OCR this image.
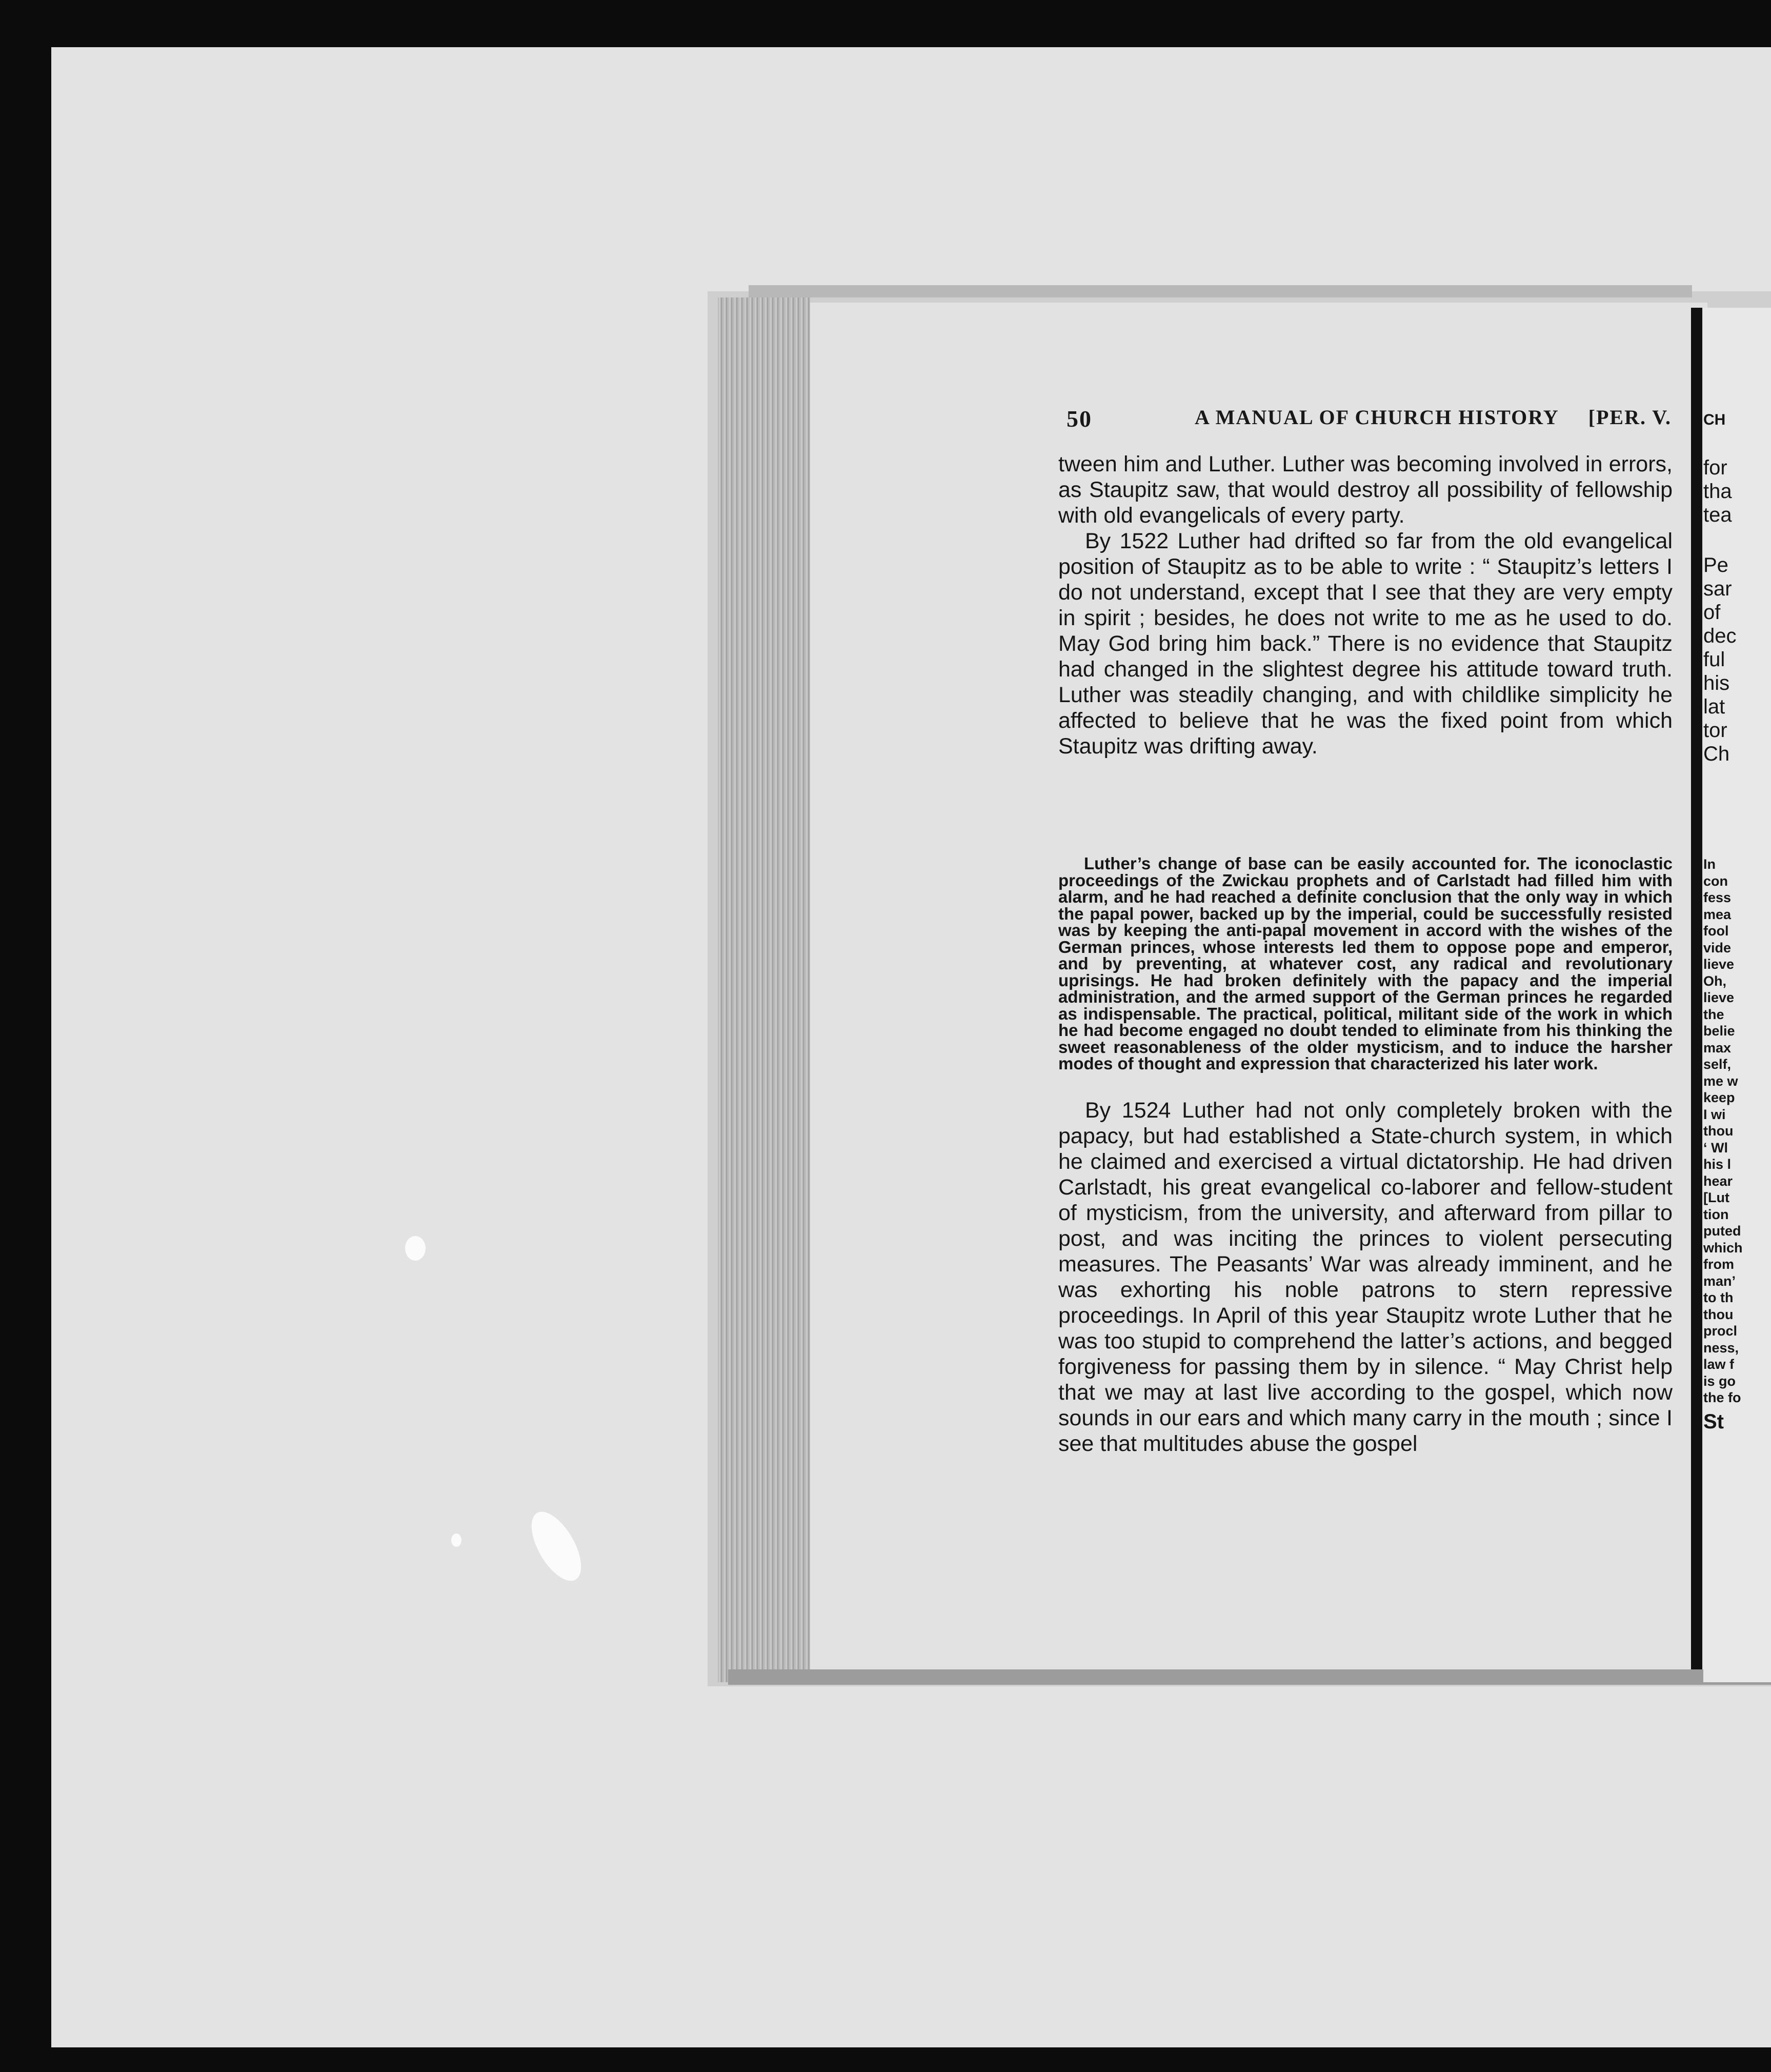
CH
for
tha
tea
Pe
sar
of
dec
ful
his
lat
tor
Ch
In
con
fess
mea
fool
vide
lieve
Oh,
lieve
the
belie
max
self,
me w
keep
I wi
thou
‘ Wl
his l
hear
[Lut
tion
puted
which
from
man’
to th
thou
procl
ness,
law f
is go
the fo
St
50	A MANUAL OF CHURCH HISTORY [PER. V.

tween him and Luther. Luther was becoming involved in errors, as Staupitz saw, that would destroy all possibility of fellowship with old evangelicals of every party.

By 1522 Luther had drifted so far from the old evangelical position of Staupitz as to be able to write : “ Staupitz’s letters I do not understand, except that I see that they are very empty in spirit ; besides, he does not write to me as he used to do. May God bring him back.” There is no evidence that Staupitz had changed in the slightest degree his attitude toward truth. Luther was steadily changing, and with childlike simplicity he affected to believe that he was the fixed point from which Staupitz was drifting away.

Luther’s change of base can be easily accounted for. The iconoclastic proceedings of the Zwickau prophets and of Carlstadt had filled him with alarm, and he had reached a definite conclusion that the only way in which the papal power, backed up by the imperial, could be successfully resisted was by keeping the anti-papal movement in accord with the wishes of the German princes, whose interests led them to oppose pope and emperor, and by preventing, at whatever cost, any radical and revolutionary uprisings. He had broken definitely with the papacy and the imperial administration, and the armed support of the German princes he regarded as indispensable. The practical, political, militant side of the work in which he had become engaged no doubt tended to eliminate from his thinking the sweet reasonableness of the older mysticism, and to induce the harsher modes of thought and expression that characterized his later work.

By 1524 Luther had not only completely broken with the papacy, but had established a State-church system, in which he claimed and exercised a virtual dictatorship. He had driven Carlstadt, his great evangelical co-laborer and fellow-student of mysticism, from the university, and afterward from pillar to post, and was inciting the princes to violent persecuting measures. The Peasants’ War was already imminent, and he was exhorting his noble patrons to stern repressive proceedings. In April of this year Staupitz wrote Luther that he was too stupid to comprehend the latter’s actions, and begged forgiveness for passing them by in silence. “ May Christ help that we may at last live according to the gospel, which now sounds in our ears and which many carry in the mouth ; since I see that multitudes abuse the gospel
